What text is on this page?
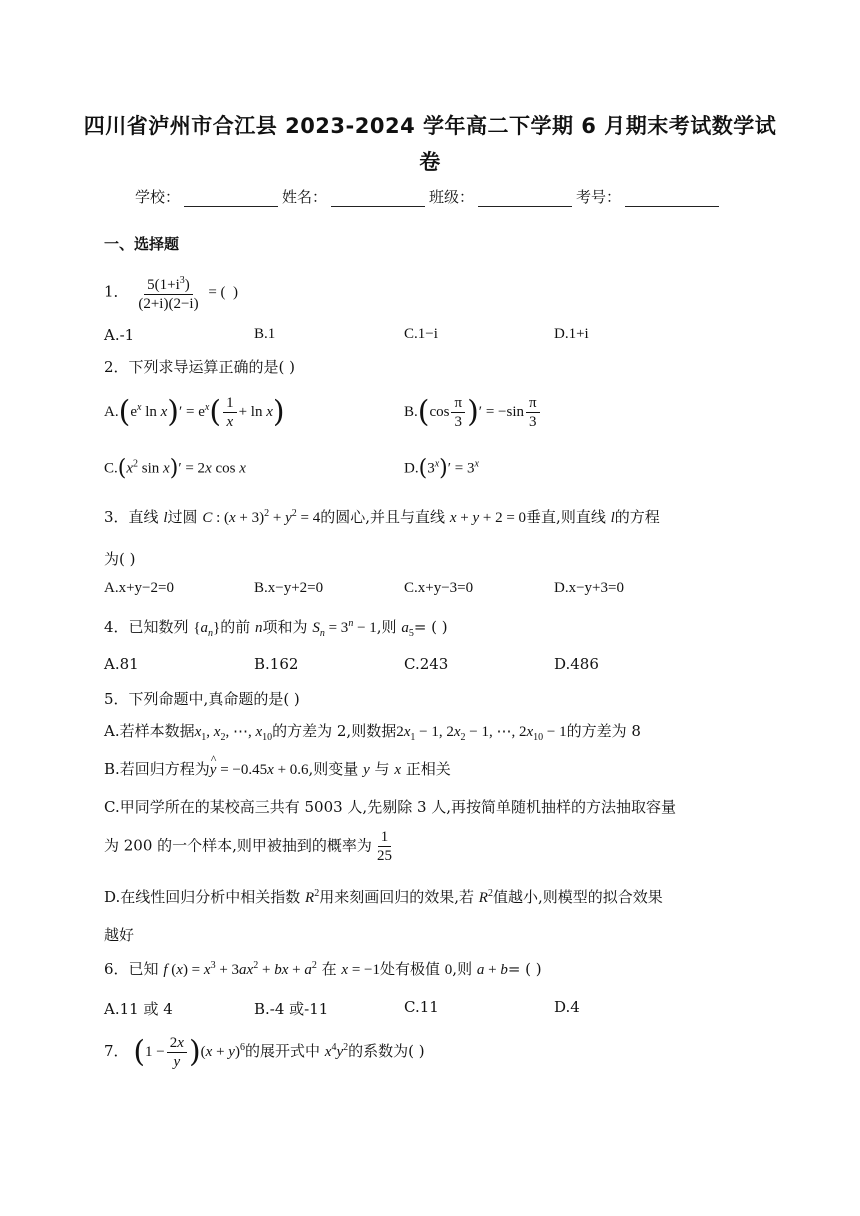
四川省泸州市合江县 2023-2024 学年高二下学期 6 月期末考试数学试
卷
学校：	姓名：	班级：	考号：
一、选择题
1． $\frac{5(1+i^3)}{(2+i)(2-i)}$ = (  )
A.-1	B.1	C.1−i	D.1+i
2．下列求导运算正确的是( )
$A.(e^x$ $\ln x)' = e^x( \frac{1}{x} + \ln x)$	$B.(\cos \frac{\pi}{3}$ )′ = $-\sin \frac{\pi}{3}$
$C.(x^2$ sin x)′ = 2x cos x	$D.(3^x)' = 3^x$
3．直线 l过圆 C : $(x + 3)^2 + y^2 = 4$的圆心,并且与直线 x + y + 2 = 0垂直,则直线 l的方程
为( )
A.x+y−2=0	B.x−y+2=0	C.x+y−3=0	D.x−y+3=0
4．已知数列 $\{a_n\}$的前 n项和为 $S_n = 3^n - 1$,则 $a_5=$ ( )
A.81	B.162	C.243	D.486
5．下列命题中,真命题的是( )
A.若样本数据$x_1$, $x_2$, ⋯, $x_{10}$的方差为 2,则数据$2x_1 - 1$, $2x_2 - 1$, ⋯, $2x_{10} - 1$的方差为 8
B.若回归方程为^ y = −0.45x + 0.6,则变量 y 与 x 正相关
C.甲同学所在的某校高三共有 5003 人,先剔除 3 人,再按简单随机抽样的方法抽取容量
为 200 的一个样本,则甲被抽到的概率为 $\frac{1}{25}$
D.在线性回归分析中相关指数 $R^2$用来刻画回归的效果,若 $R^2$值越小,则模型的拟合效果
越好
6．已知 f $(x) = x^3 + 3ax^2$ + bx + $a^2$ 在 x = −1处有极值 0,则 a + b= ( )
A.11 或 4	B.-4 或-11	C.11	D.4
7． $(1 - \frac{2x}{y} )(x + y)^6$的展开式中 $x^4y^2$的系数为( )
